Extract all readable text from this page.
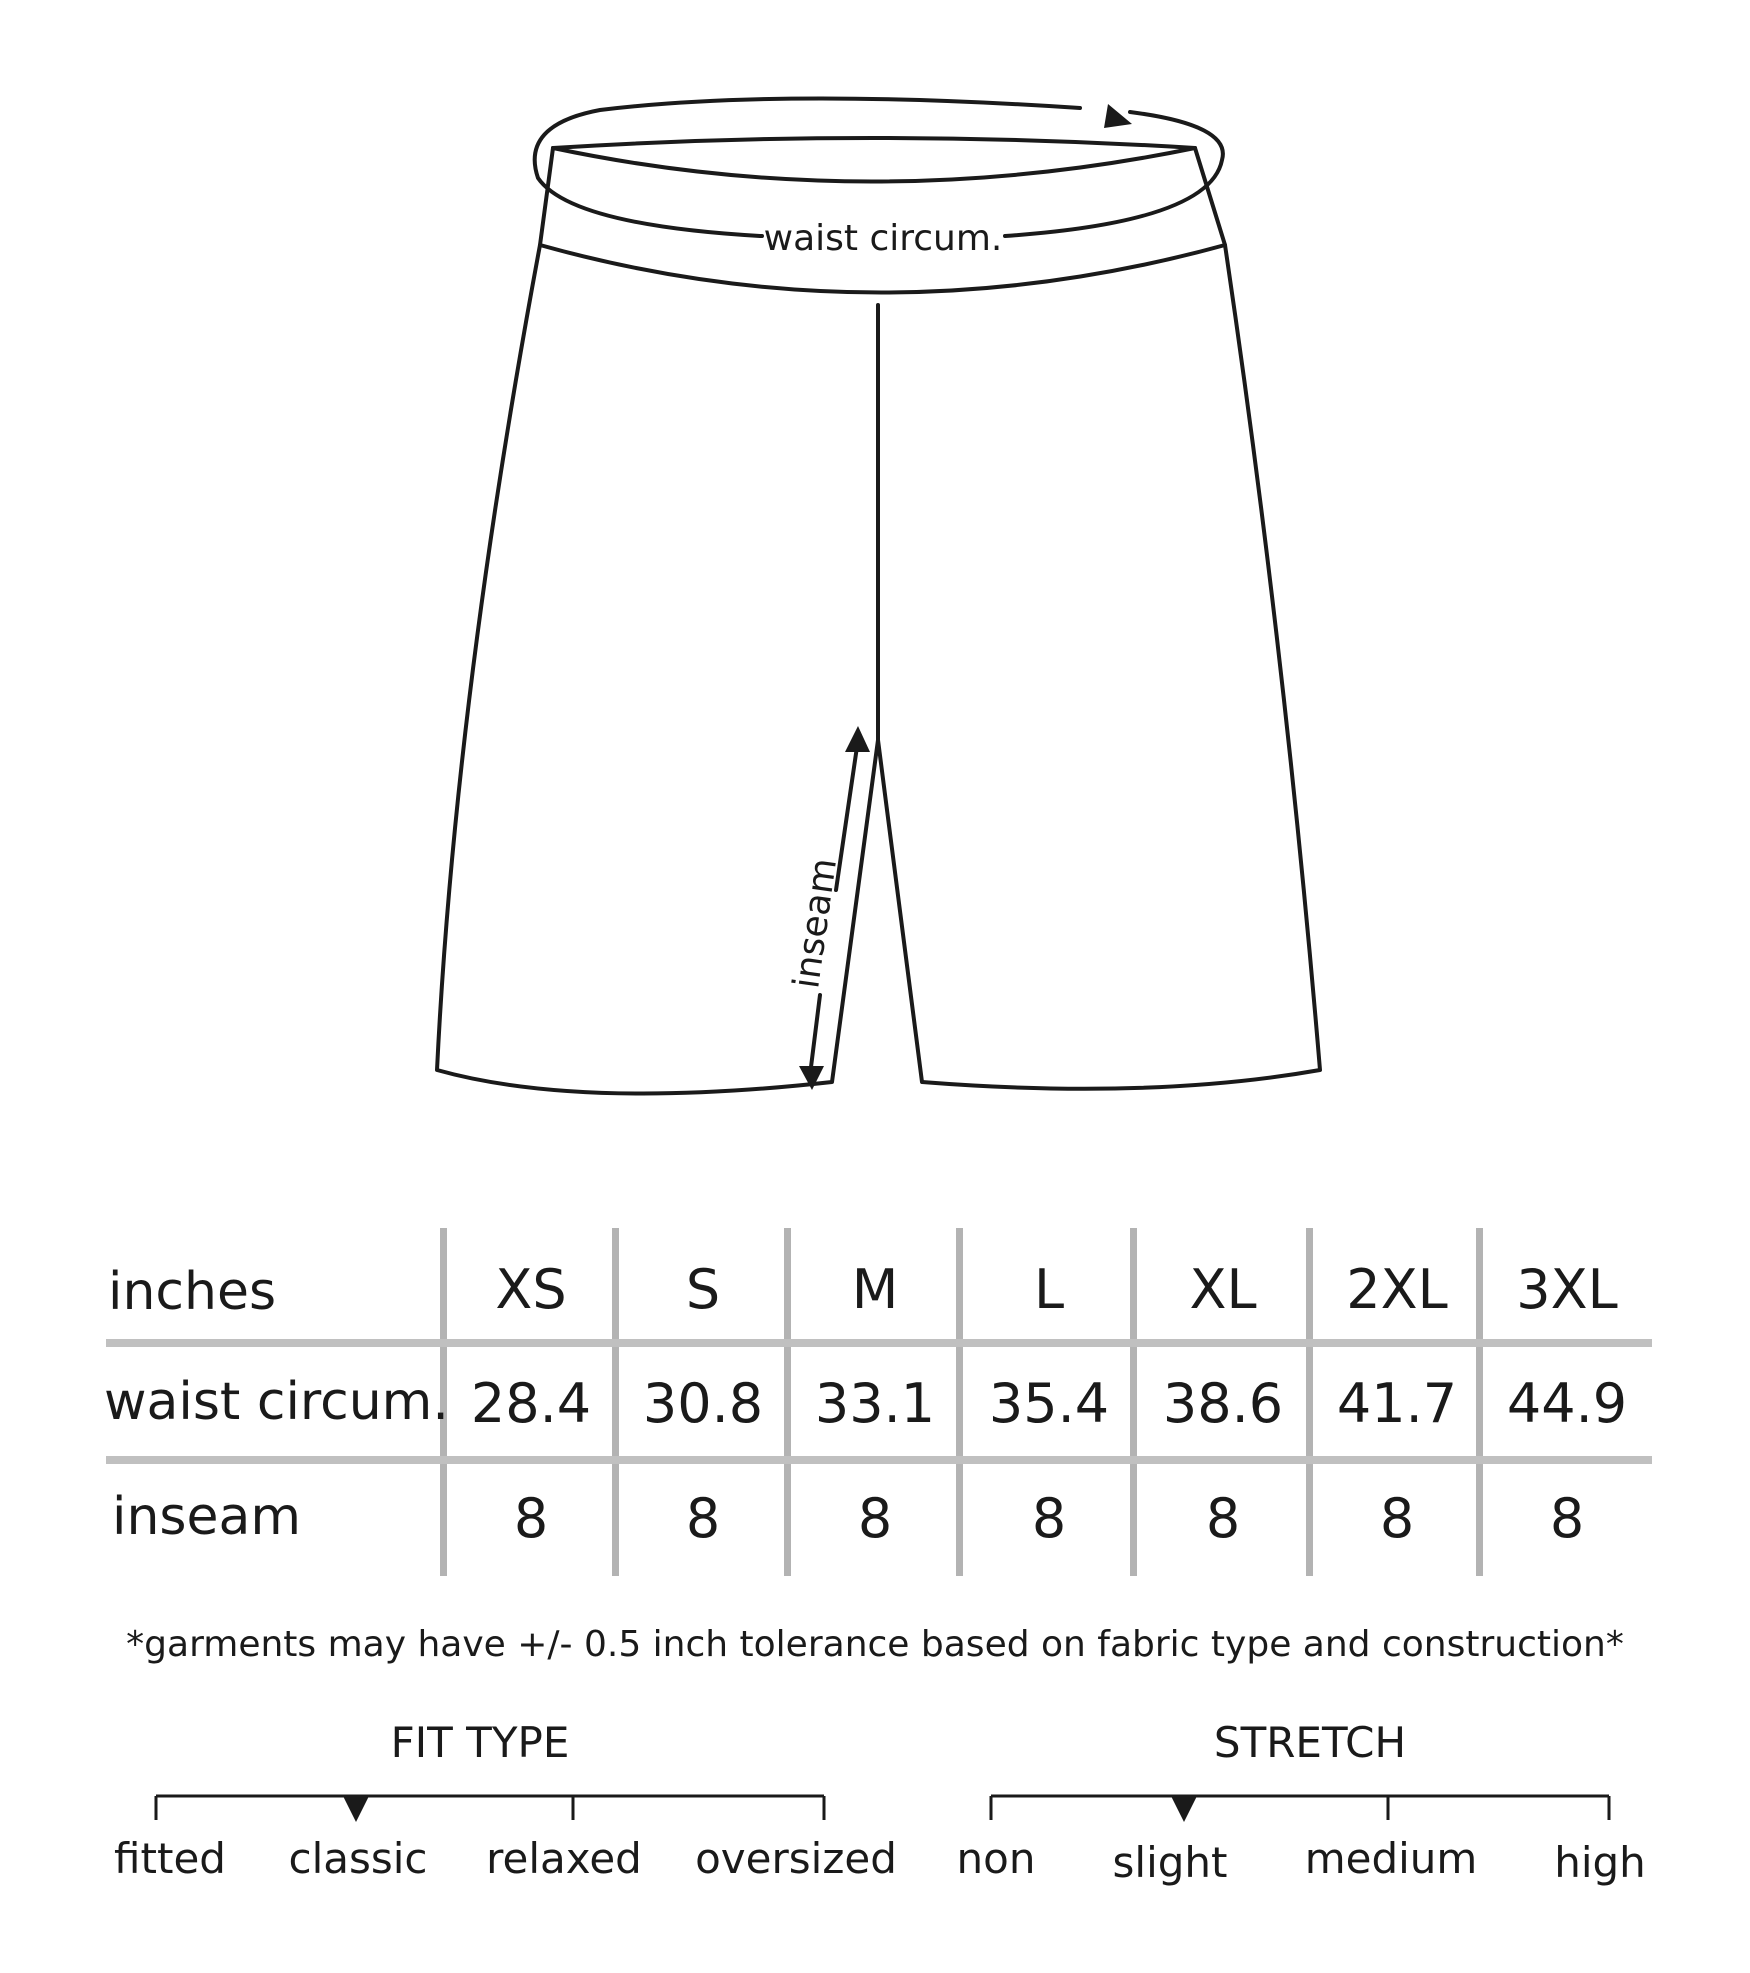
waist circum.
inseam
inches	XS	S	M	L	XL	2XL	3XL
waist circum. 28.4 30.8 33.1 35.4 38.6 41.7 44.9
inseam	8	8	8	8	8	8	8
*garments may have +/- 0.5 inch tolerance based on fabric type and construction*
FIT TYPE
fitted	classic	relaxed	oversized
STRETCH
non	slight	medium	high
